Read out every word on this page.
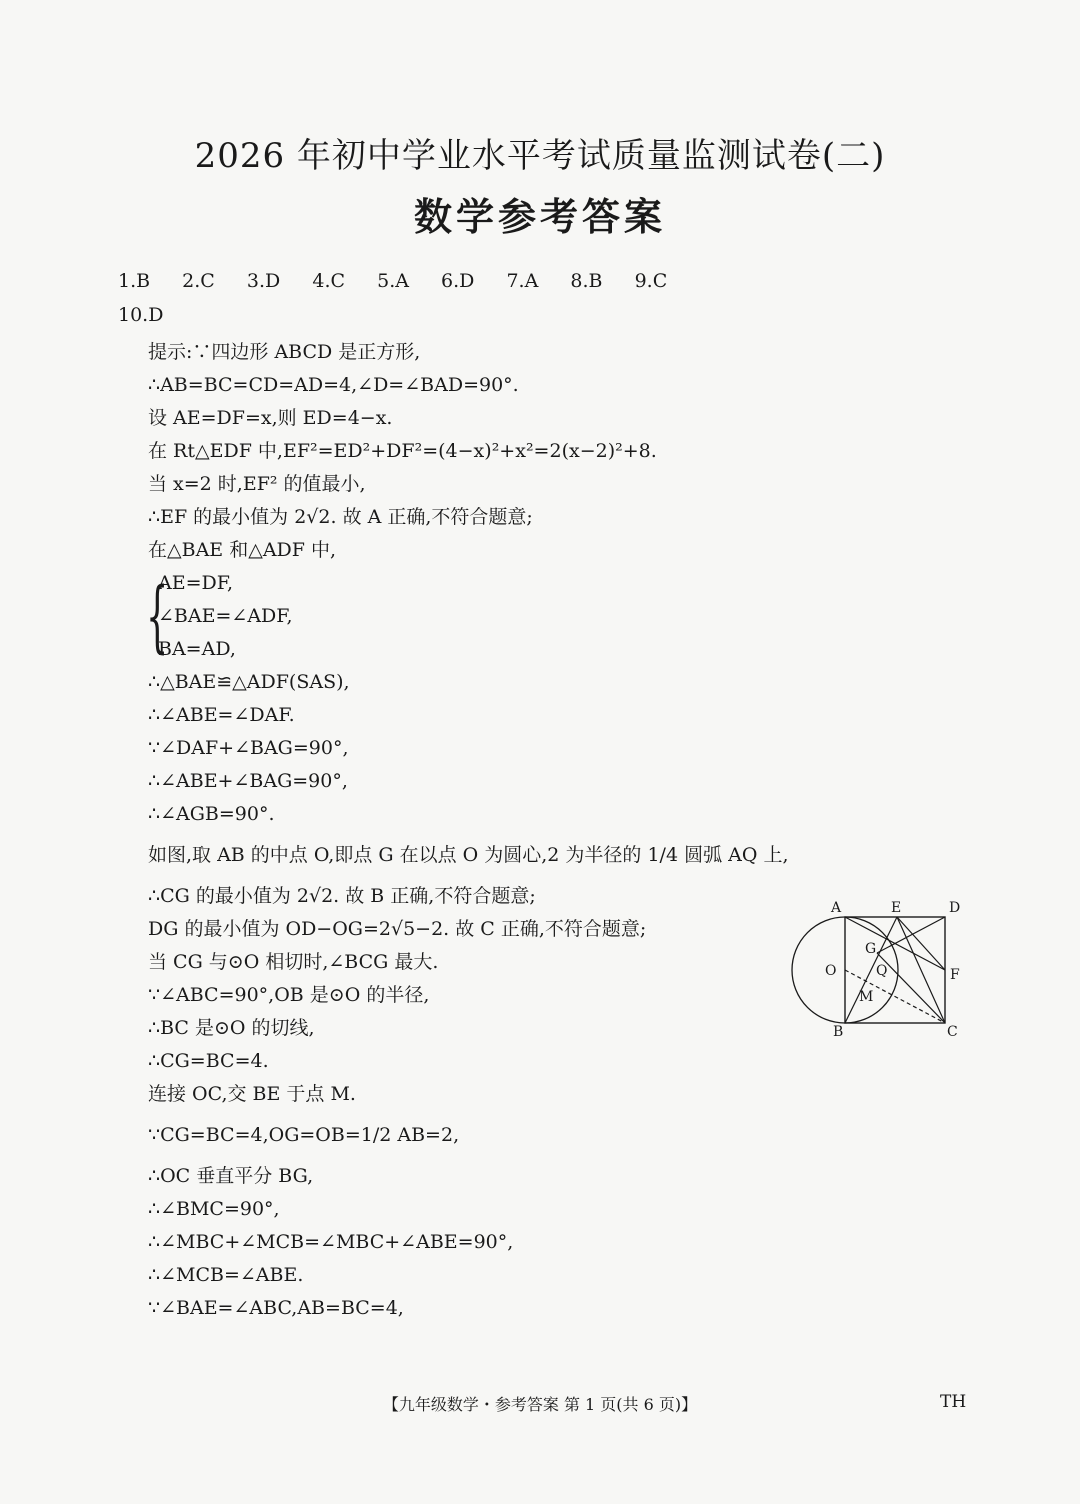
2026 年初中学业水平考试质量监测试卷(二)
数学参考答案
1.B  2.C  3.D  4.C  5.A  6.D  7.A  8.B  9.C
10.D
提示:∵四边形 ABCD 是正方形,
∴AB=BC=CD=AD=4,∠D=∠BAD=90°.
设 AE=DF=x,则 ED=4−x.
在 Rt△EDF 中,EF²=ED²+DF²=(4−x)²+x²=2(x−2)²+8.
当 x=2 时,EF² 的值最小,
∴EF 的最小值为 2√2. 故 A 正确,不符合题意;
在△BAE 和△ADF 中,
{
AE=DF,
∠BAE=∠ADF,
BA=AD,
∴△BAE≌△ADF(SAS),
∴∠ABE=∠DAF.
∵∠DAF+∠BAG=90°,
∴∠ABE+∠BAG=90°,
∴∠AGB=90°.
如图,取 AB 的中点 O,即点 G 在以点 O 为圆心,2 为半径的 1/4 圆弧 AQ 上,
∴CG 的最小值为 2√2. 故 B 正确,不符合题意;
DG 的最小值为 OD−OG=2√5−2. 故 C 正确,不符合题意;
当 CG 与⊙O 相切时,∠BCG 最大.
∵∠ABC=90°,OB 是⊙O 的半径,
∴BC 是⊙O 的切线,
∴CG=BC=4.
连接 OC,交 BE 于点 M.
∵CG=BC=4,OG=OB=1/2 AB=2,
∴OC 垂直平分 BG,
∴∠BMC=90°,
∴∠MBC+∠MCB=∠MBC+∠ABE=90°,
∴∠MCB=∠ABE.
∵∠BAE=∠ABC,AB=BC=4,
A	E	D
G
O	Q	F
M
B	C
【九年级数学・参考答案 第 1 页(共 6 页)】	TH
